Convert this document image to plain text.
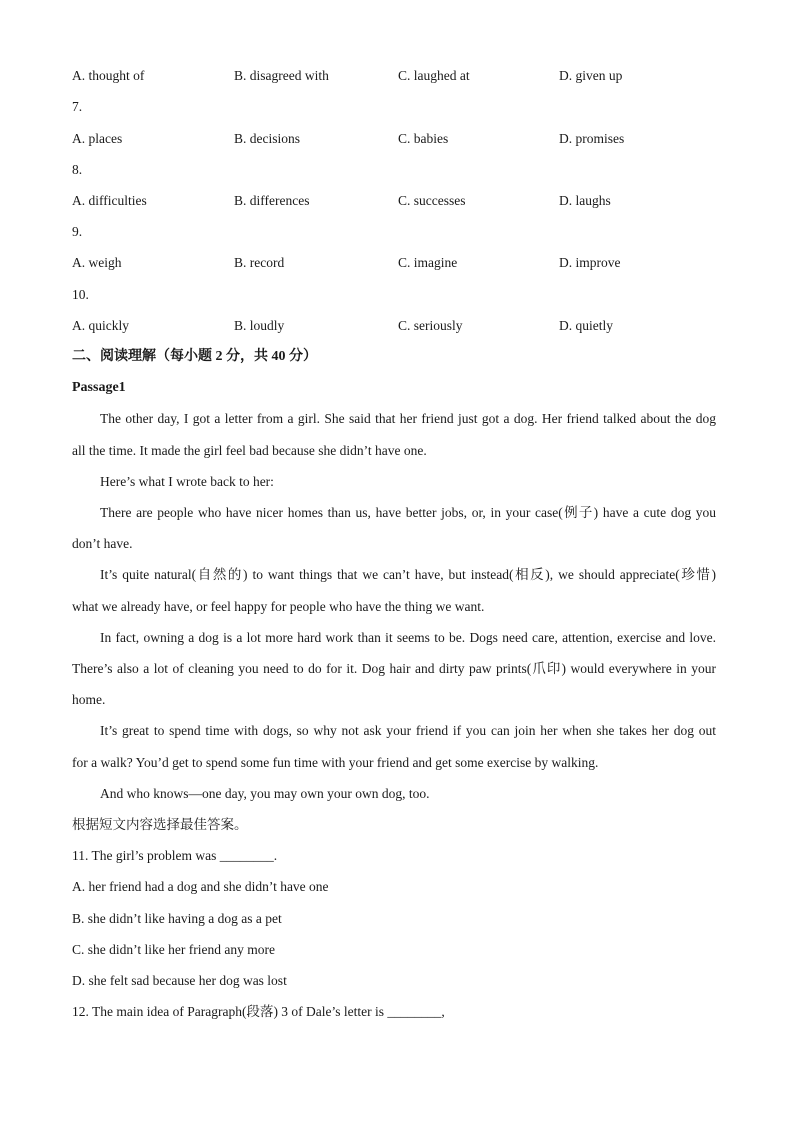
A. thought of	B. disagreed with	C. laughed at	D. given up
7.
A. places	B. decisions	C. babies	D. promises
8.
A. difficulties	B. differences	C. successes	D. laughs
9.
A. weigh	B. record	C. imagine	D. improve
10.
A. quickly	B. loudly	C. seriously	D. quietly
二、阅读理解（每小题 2 分，共 40 分）
Passage1
The other day, I got a letter from a girl. She said that her friend just got a dog. Her friend talked about the dog
all the time. It made the girl feel bad because she didn’t have one.
Here’s what I wrote back to her:
There are people who have nicer homes than us, have better jobs, or, in your case(例子) have a cute dog you
don’t have.
It’s quite natural(自然的) to want things that we can’t have, but instead(相反), we should appreciate(珍惜)
what we already have, or feel happy for people who have the thing we want.
In fact, owning a dog is a lot more hard work than it seems to be. Dogs need care, attention, exercise and love.
There’s also a lot of cleaning you need to do for it. Dog hair and dirty paw prints(爪印) would everywhere in your
home.
It’s great to spend time with dogs, so why not ask your friend if you can join her when she takes her dog out
for a walk? You’d get to spend some fun time with your friend and get some exercise by walking.
And who knows—one day, you may own your own dog, too.
根据短文内容选择最佳答案。
11. The girl’s problem was ________.
A. her friend had a dog and she didn’t have one
B. she didn’t like having a dog as a pet
C. she didn’t like her friend any more
D. she felt sad because her dog was lost
12. The main idea of Paragraph(段落) 3 of Dale’s letter is ________,
